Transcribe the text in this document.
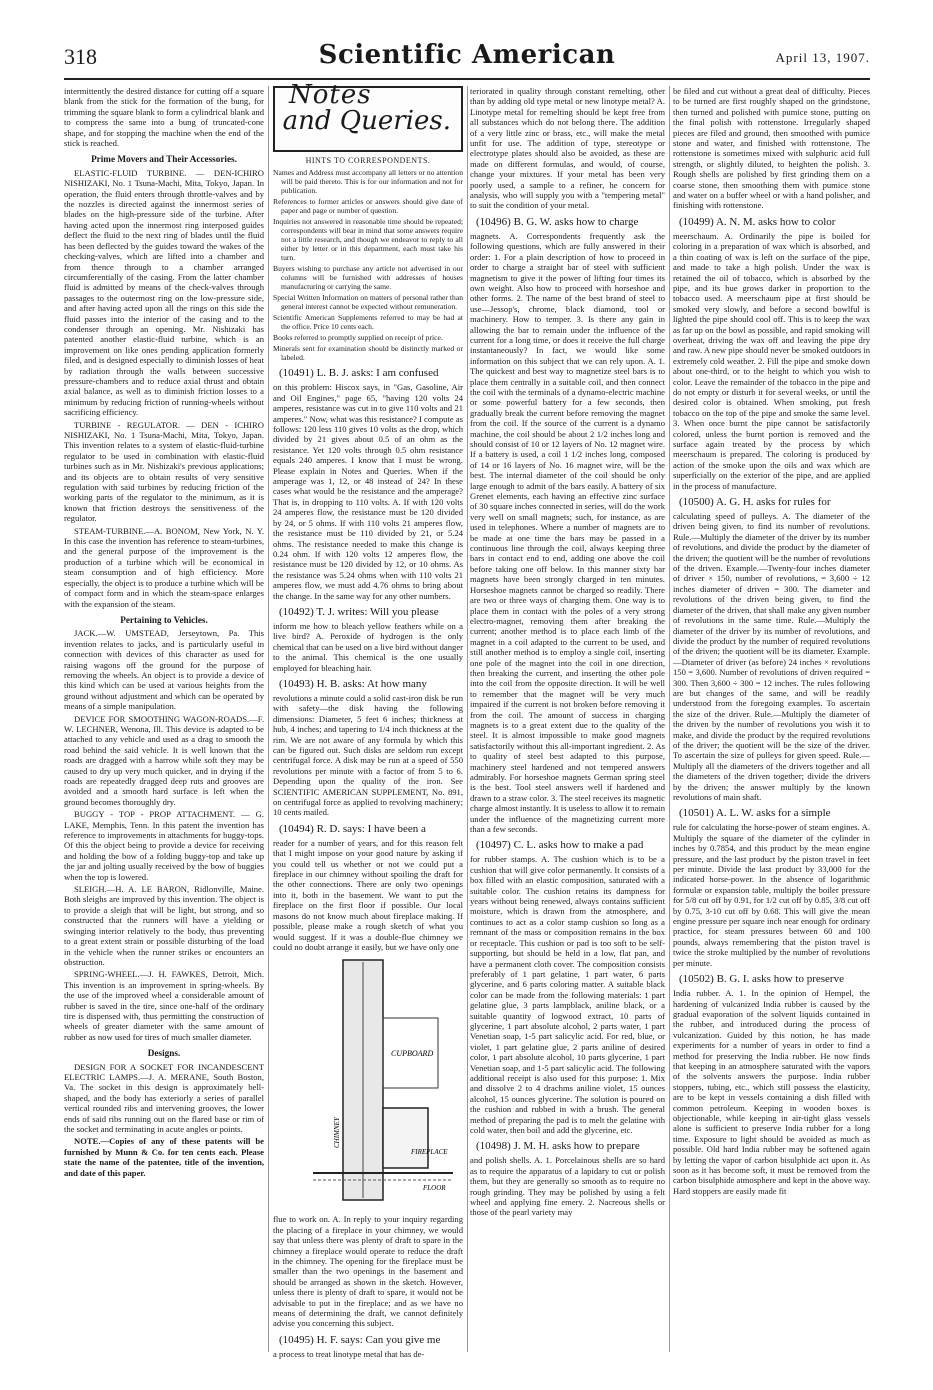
318	Scientific American	April 13, 1907.

intermittently the desired distance for cutting off a square blank from the stick for the formation of the bung, for trimming the square blank to form a cylindrical blank and to compress the same into a bung of truncated-cone shape, and for stopping the machine when the end of the stick is reached.

Prime Movers and Their Accessories.

ELASTIC-FLUID TURBINE. — DEN-ICHIRO NISHIZAKI, No. 1 Tsuna-Machi, Mita, Tokyo, Japan. In operation, the fluid enters through throttle-valves and by the nozzles is directed against the innermost series of blades on the high-pressure side of the turbine. After having acted upon the innermost ring interposed guides deflect the fluid to the next ring of blades until the fluid has been deflected by the guides toward the wakes of the checking-valves, which are lifted into a chamber and from thence through to a chamber arranged circumferentially of the casing. From the latter chamber fluid is admitted by means of the check-valves through passages to the outermost ring on the low-pressure side, and after having acted upon all the rings on this side the fluid passes into the interior of the casing and to the condenser through an opening. Mr. Nishizaki has patented another elastic-fluid turbine, which is an improvement on like ones pending application formerly filed, and is designed especially to diminish losses of heat by radiation through the walls between successive pressure-chambers and to reduce axial thrust and obtain axial balance, as well as to diminish friction losses to a minimum by reducing friction of running-wheels without sacrificing efficiency.

TURBINE - REGULATOR. — DEN - ICHIRO NISHIZAKI, No. 1 Tsuna-Machi, Mita, Tokyo, Japan. This invention relates to a system of elastic-fluid-turbine regulator to be used in combination with elastic-fluid turbines such as in Mr. Nishizaki's previous applications; and its objects are to obtain results of very sensitive regulation with said turbines by reducing friction of the working parts of the regulator to the minimum, as it is known that friction destroys the sensitiveness of the regulator.

STEAM-TURBINE.—A. BONOM, New York, N. Y. In this case the invention has reference to steam-turbines, and the general purpose of the improvement is the production of a turbine which will be economical in steam consumption and of high efficiency. More especially, the object is to produce a turbine which will be of compact form and in which the steam-space enlarges with the expansion of the steam.

Pertaining to Vehicles.

JACK.—W. UMSTEAD, Jerseytown, Pa. This invention relates to jacks, and is particularly useful in connection with devices of this character as used for raising wagons off the ground for the purpose of removing the wheels. An object is to provide a device of this kind which can be used at various heights from the ground without adjustment and which can be operated by means of a simple manipulation.

DEVICE FOR SMOOTHING WAGON-ROADS.—F. W. LECHNER, Wenona, Ill. This device is adapted to be attached to any vehicle and used as a drag to smooth the road behind the said vehicle. It is well known that the roads are dragged with a harrow while soft they may be caused to dry up very much quicker, and in drying if the roads are repeatedly dragged deep ruts and grooves are avoided and a smooth hard surface is left when the ground becomes thoroughly dry.

BUGGY - TOP - PROP ATTACHMENT. — G. LAKE, Memphis, Tenn. In this patent the invention has reference to improvements in attachments for buggy-tops. Of this the object being to provide a device for receiving and holding the bow of a folding buggy-top and take up the jar and jolting usually received by the bow of buggies when the top is lowered.

SLEIGH.—H. A. LE BARON, Ridlonville, Maine. Both sleighs are improved by this invention. The object is to provide a sleigh that will be light, but strong, and so constructed that the runners will have a yielding or swinging interior relatively to the body, thus preventing to a great extent strain or possible disturbing of the load in the vehicle when the runner strikes or encounters an obstruction.

SPRING-WHEEL.—J. H. FAWKES, Detroit, Mich. This invention is an improvement in spring-wheels. By the use of the improved wheel a considerable amount of rubber is saved in the tire, since one-half of the ordinary tire is dispensed with, thus permitting the construction of wheels of greater diameter with the same amount of rubber as now used for tires of much smaller diameter.

Designs.

DESIGN FOR A SOCKET FOR INCANDESCENT ELECTRIC LAMPS.—J. A. MERANE, South Boston, Va. The socket in this design is approximately bell-shaped, and the body has exteriorly a series of parallel vertical rounded ribs and intervening grooves, the lower ends of said ribs running out on the flared base or rim of the socket and terminating in acute angles or points.

NOTE.—Copies of any of these patents will be furnished by Munn & Co. for ten cents each. Please state the name of the patentee, title of the invention, and date of this paper.

Notes
and Queries.

HINTS TO CORRESPONDENTS.

Names and Address must accompany all letters or no attention will be paid thereto. This is for our information and not for publication.

References to former articles or answers should give date of paper and page or number of question.

Inquiries not answered in reasonable time should be repeated; correspondents will bear in mind that some answers require not a little research, and though we endeavor to reply to all either by letter or in this department, each must take his turn.

Buyers wishing to purchase any article not advertised in our columns will be furnished with addresses of houses manufacturing or carrying the same.

Special Written Information on matters of personal rather than general interest cannot be expected without remuneration.

Scientific American Supplements referred to may be had at the office. Price 10 cents each.

Books referred to promptly supplied on receipt of price.

Minerals sent for examination should be distinctly marked or labeled.

(10491) L. B. J. asks: I am confused

on this problem: Hiscox says, in "Gas, Gasoline, Air and Oil Engines," page 65, "having 120 volts 24 amperes, resistance was cut in to give 110 volts and 21 amperes." Now, what was this resistance? I compute as follows: 120 less 110 gives 10 volts as the drop, which divided by 21 gives about 0.5 of an ohm as the resistance. Yet 120 volts through 0.5 ohm resistance equals 240 amperes. I know that I must be wrong. Please explain in Notes and Queries. When if the amperage was 1, 12, or 48 instead of 24? In these cases what would be the resistance and the amperage? That is, in dropping to 110 volts. A. If with 120 volts 24 amperes flow, the resistance must be 120 divided by 24, or 5 ohms. If with 110 volts 21 amperes flow, the resistance must be 110 divided by 21, or 5.24 ohms. The resistance needed to make this change is 0.24 ohm. If with 120 volts 12 amperes flow, the resistance must be 120 divided by 12, or 10 ohms. As the resistance was 5.24 ohms when with 110 volts 21 amperes flow, we must add 4.76 ohms to bring about the change. In the same way for any other numbers.

(10492) T. J. writes: Will you please

inform me how to bleach yellow feathers while on a live bird? A. Peroxide of hydrogen is the only chemical that can be used on a live bird without danger to the animal. This chemical is the one usually employed for bleaching hair.

(10493) H. B. asks: At how many

revolutions a minute could a solid cast-iron disk be run with safety—the disk having the following dimensions: Diameter, 5 feet 6 inches; thickness at hub, 4 inches; and tapering to 1/4 inch thickness at the rim. We are not aware of any formula by which this can be figured out. Such disks are seldom run except centrifugal force. A disk may be run at a speed of 550 revolutions per minute with a factor of from 5 to 6. Depending upon the quality of the iron. See SCIENTIFIC AMERICAN SUPPLEMENT, No. 891, on centrifugal force as applied to revolving machinery; 10 cents mailed.

(10494) R. D. says: I have been a

reader for a number of years, and for this reason felt that I might impose on your good nature by asking if you could tell us whether or not we could put a fireplace in our chimney without spoiling the draft for the other connections. There are only two openings into it, both in the basement. We want to put the fireplace on the first floor if possible. Our local masons do not know much about fireplace making. If possible, please make a rough sketch of what you would suggest. If it was a double-flue chimney we could no doubt arrange it easily, but we have only one

CUPBOARD
FIREPLACE
FLOOR
CHIMNEY

flue to work on. A. In reply to your inquiry regarding the placing of a fireplace in your chimney, we would say that unless there was plenty of draft to spare in the chimney a fireplace would operate to reduce the draft in the chimney. The opening for the fireplace must be smaller than the two openings in the basement and should be arranged as shown in the sketch. However, unless there is plenty of draft to spare, it would not be advisable to put in the fireplace; and as we have no means of determining the draft, we cannot definitely advise you concerning this subject.

(10495) H. F. says: Can you give me

a process to treat linotype metal that has de-

teriorated in quality through constant remelting, other than by adding old type metal or new linotype metal? A. Linotype metal for remelting should be kept free from all substances which do not belong there. The addition of a very little zinc or brass, etc., will make the metal unfit for use. The addition of type, stereotype or electrotype plates should also be avoided, as these are made on different formulas, and would, of course, change your mixtures. If your metal has been very poorly used, a sample to a refiner, he concern for analysis, who will supply you with a "tempering metal" to suit the condition of your metal.

(10496) B. G. W. asks how to charge

magnets. A. Correspondents frequently ask the following questions, which are fully answered in their order: 1. For a plain description of how to proceed in order to charge a straight bar of steel with sufficient magnetism to give it the power of lifting four times its own weight. Also how to proceed with horseshoe and other forms. 2. The name of the best brand of steel to use—Jessop's, chrome, black diamond, tool or machinery. How to temper. 3. Is there any gain in allowing the bar to remain under the influence of the current for a long time, or does it receive the full charge instantaneously? In fact, we would like some information on this subject that we can rely upon. A. 1. The quickest and best way to magnetize steel bars is to place them centrally in a suitable coil, and then connect the coil with the terminals of a dynamo-electric machine or some powerful battery for a few seconds, then gradually break the current before removing the magnet from the coil. If the source of the current is a dynamo machine, the coil should be about 2 1/2 inches long and should consist of 10 or 12 layers of No. 12 magnet wire. If a battery is used, a coil 1 1/2 inches long, composed of 14 or 16 layers of No. 16 magnet wire, will be the best. The internal diameter of the coil should be only large enough to admit of the bars easily. A battery of six Grenet elements, each having an effective zinc surface of 30 square inches connected in series, will do the work very well on small magnets; such, for instance, as are used in telephones. Where a number of magnets are to be made at one time the bars may be passed in a continuous line through the coil, always keeping three bars in contact end to end, adding one above the coil before taking one off below. In this manner sixty bar magnets have been strongly charged in ten minutes. Horseshoe magnets cannot be charged so readily. There are two or three ways of charging them. One way is to place them in contact with the poles of a very strong electro-magnet, removing them after breaking the current; another method is to place each limb of the magnet in a coil adapted to the current to be used, and still another method is to employ a single coil, inserting one pole of the magnet into the coil in one direction, then breaking the current, and inserting the other pole into the coil from the opposite direction. It will be well to remember that the magnet will be very much impaired if the current is not broken before removing it from the coil. The amount of success in charging magnets is to a great extent due to the quality of the steel. It is almost impossible to make good magnets satisfactorily without this all-important ingredient. 2. As to quality of steel best adapted to this purpose, machinery steel hardened and not tempered answers admirably. For horseshoe magnets German spring steel is the best. Tool steel answers well if hardened and drawn to a straw color. 3. The steel receives its magnetic charge almost instantly. It is useless to allow it to remain under the influence of the magnetizing current more than a few seconds.

(10497) C. L. asks how to make a pad

for rubber stamps. A. The cushion which is to be a cushion that will give color permanently. It consists of a box filled with an elastic composition, saturated with a suitable color. The cushion retains its dampness for years without being renewed, always contains sufficient moisture, which is drawn from the atmosphere, and continues to act as a color stamp cushion so long as a remnant of the mass or composition remains in the box or receptacle. This cushion or pad is too soft to be self-supporting, but should be held in a low, flat pan, and have a permanent cloth cover. The composition consists preferably of 1 part gelatine, 1 part water, 6 parts glycerine, and 6 parts coloring matter. A suitable black color can be made from the following materials: 1 part gelatine glue, 3 parts lampblack, aniline black, or a suitable quantity of logwood extract, 10 parts of glycerine, 1 part absolute alcohol, 2 parts water, 1 part Venetian soap, 1-5 part salicylic acid. For red, blue, or violet, 1 part gelatine glue, 2 parts aniline of desired color, 1 part absolute alcohol, 10 parts glycerine, 1 part Venetian soap, and 1-5 part salicylic acid. The following additional receipt is also used for this purpose: 1. Mix and dissolve 2 to 4 drachms aniline violet, 15 ounces alcohol, 15 ounces glycerine. The solution is poured on the cushion and rubbed in with a brush. The general method of preparing the pad is to melt the gelatine with cold water, then boil and add the glycerine, etc.

(10498) J. M. H. asks how to prepare

and polish shells. A. 1. Porcelainous shells are so hard as to require the apparatus of a lapidary to cut or polish them, but they are generally so smooth as to require no rough grinding. They may be polished by using a felt wheel and applying fine emery. 2. Nacreous shells or those of the pearl variety may

be filed and cut without a great deal of difficulty. Pieces to be turned are first roughly shaped on the grindstone, then turned and polished with pumice stone, putting on the final polish with rottenstone. Irregularly shaped pieces are filed and ground, then smoothed with pumice stone and water, and finished with rottenstone. The rottenstone is sometimes mixed with sulphuric acid full strength, or slightly diluted, to heighten the polish. 3. Rough shells are polished by first grinding them on a coarse stone, then smoothing them with pumice stone and water on a buffer wheel or with a hand polisher, and finishing with rottenstone.

(10499) A. N. M. asks how to color

meerschaum. A. Ordinarily the pipe is boiled for coloring in a preparation of wax which is absorbed, and a thin coating of wax is left on the surface of the pipe, and made to take a high polish. Under the wax is retained the oil of tobacco, which is absorbed by the pipe, and its hue grows darker in proportion to the tobacco used. A meerschaum pipe at first should be smoked very slowly, and before a second bowlful is lighted the pipe should cool off. This is to keep the wax as far up on the bowl as possible, and rapid smoking will overheat, driving the wax off and leaving the pipe dry and raw. A new pipe should never be smoked outdoors in extremely cold weather. 2. Fill the pipe and smoke down about one-third, or to the height to which you wish to color. Leave the remainder of the tobacco in the pipe and do not empty or disturb it for several weeks, or until the desired color is obtained. When smoking, put fresh tobacco on the top of the pipe and smoke the same level. 3. When once burnt the pipe cannot be satisfactorily colored, unless the burnt portion is removed and the surface again treated by the process by which meerschaum is prepared. The coloring is produced by action of the smoke upon the oils and wax which are superficially on the exterior of the pipe, and are applied in the process of manufacture.

(10500) A. G. H. asks for rules for

calculating speed of pulleys. A. The diameter of the driven being given, to find its number of revolutions. Rule.—Multiply the diameter of the driver by its number of revolutions, and divide the product by the diameter of the driven; the quotient will be the number of revolutions of the driven. Example.—Twenty-four inches diameter of driver × 150, number of revolutions, = 3,600 ÷ 12 inches diameter of driven = 300. The diameter and revolutions of the driven being given, to find the diameter of the driven, that shall make any given number of revolutions in the same time. Rule.—Multiply the diameter of the driver by its number of revolutions, and divide the product by the number of required revolutions of the driven; the quotient will be its diameter. Example.—Diameter of driver (as before) 24 inches × revolutions 150 = 3,600. Number of revolutions of driven required = 300. Then 3,600 ÷ 300 = 12 inches. The rules following are but changes of the same, and will be readily understood from the foregoing examples. To ascertain the size of the driver. Rule.—Multiply the diameter of the driven by the number of revolutions you wish it to make, and divide the product by the required revolutions of the driver; the quotient will be the size of the driver. To ascertain the size of pulleys for given speed. Rule.—Multiply all the diameters of the drivers together and all the diameters of the driven together; divide the drivers by the driven; the answer multiply by the known revolutions of main shaft.

(10501) A. L. W. asks for a simple

rule for calculating the horse-power of steam engines. A. Multiply the square of the diameter of the cylinder in inches by 0.7854, and this product by the mean engine pressure, and the last product by the piston travel in feet per minute. Divide the last product by 33,000 for the indicated horse-power. In the absence of logarithmic formulæ or expansion table, multiply the boiler pressure for 5/8 cut off by 0.91, for 1/2 cut off by 0.85, 3/8 cut off by 0.75, 3-10 cut off by 0.68. This will give the mean engine pressure per square inch near enough for ordinary practice, for steam pressures between 60 and 100 pounds, always remembering that the piston travel is twice the stroke multiplied by the number of revolutions per minute.

(10502) B. G. I. asks how to preserve

India rubber. A. 1. In the opinion of Hempel, the hardening of vulcanized India rubber is caused by the gradual evaporation of the solvent liquids contained in the rubber, and introduced during the process of vulcanization. Guided by this notion, he has made experiments for a number of years in order to find a method for preserving the India rubber. He now finds that keeping in an atmosphere saturated with the vapors of the solvents answers the purpose. India rubber stoppers, tubing, etc., which still possess the elasticity, are to be kept in vessels containing a dish filled with common petroleum. Keeping in wooden boxes is objectionable, while keeping in air-tight glass vessels alone is sufficient to preserve India rubber for a long time. Exposure to light should be avoided as much as possible. Old hard India rubber may be softened again by letting the vapor of carbon bisulphide act upon it. As soon as it has become soft, it must be removed from the carbon bisulphide atmosphere and kept in the above way. Hard stoppers are easily made fit
